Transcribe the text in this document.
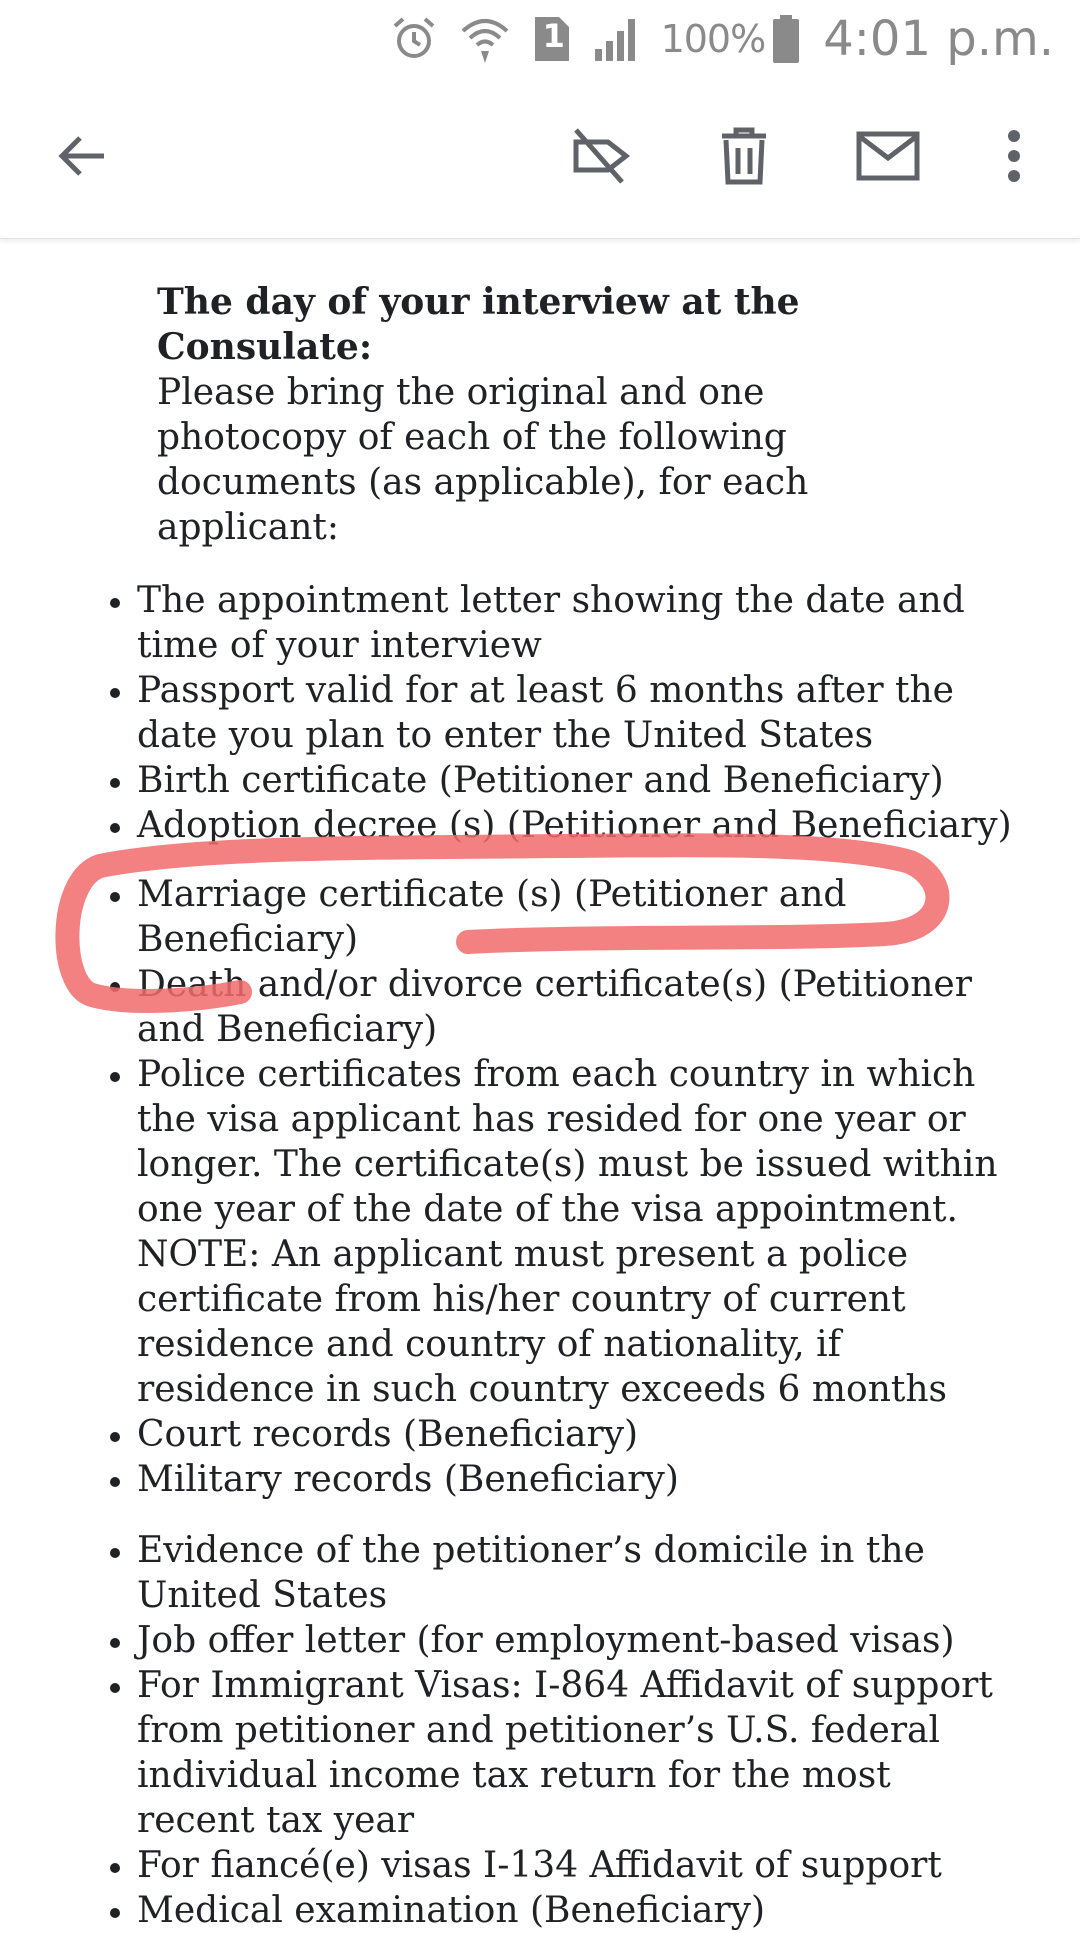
1	100% 4:01 p.m.
The day of your interview at the
Consulate:
Please bring the original and one
photocopy of each of the following
documents (as applicable), for each
applicant:
The appointment letter showing the date and
time of your interview
Passport valid for at least 6 months after the
date you plan to enter the United States
Birth certificate (Petitioner and Beneficiary)
Adoption decree (s) (Petitioner and Beneficiary)
Marriage certificate (s) (Petitioner and
Beneficiary)
Death and/or divorce certificate(s) (Petitioner
and Beneficiary)
Police certificates from each country in which
the visa applicant has resided for one year or
longer. The certificate(s) must be issued within
one year of the date of the visa appointment.
NOTE: An applicant must present a police
certificate from his/her country of current
residence and country of nationality, if
residence in such country exceeds 6 months
Court records (Beneficiary)
Military records (Beneficiary)
Evidence of the petitioner’s domicile in the
United States
Job offer letter (for employment-based visas)
For Immigrant Visas: I-864 Affidavit of support
from petitioner and petitioner’s U.S. federal
individual income tax return for the most
recent tax year
For fiancé(e) visas I-134 Affidavit of support
Medical examination (Beneficiary)
